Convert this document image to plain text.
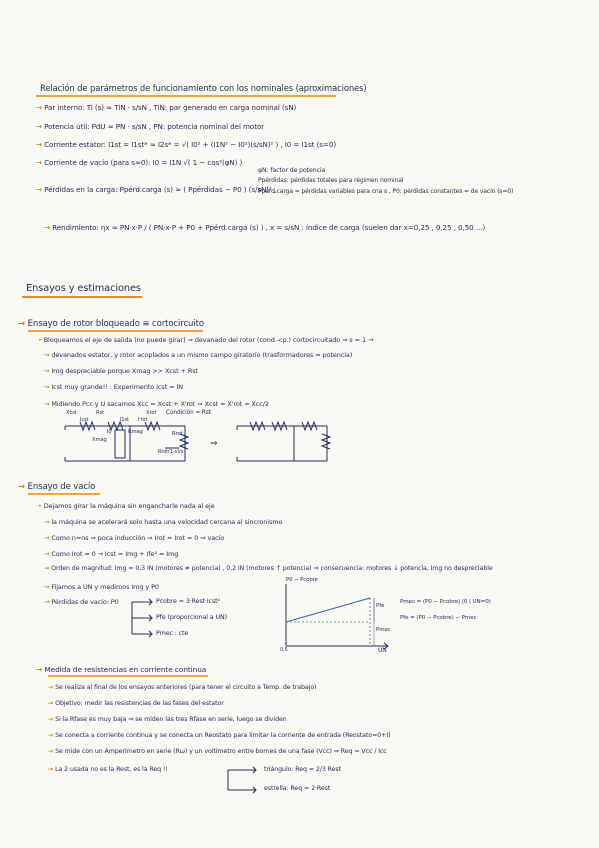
Relación de parámetros de funcionamiento con los nominales (aproximaciones)
→ Par interno: Ti (s) ≈ TiN · s/sN , TiN: par generado en carga nominal (sN)
→ Potencia útil: PdU ≈ PN · s/sN , PN: potencia nominal del motor
→ Corriente estator: I1st = I1st* ≈ I2s* = √( I0² + (I1N² − I0²)(s/sN)² ) , I0 = I1st (s=0)
→ Corriente de vacío (para s≈0): I0 = I1N √( 1 − cos²(φN) )
φN: factor de potencia
→ Pérdidas en la carga: Ppérd.carga (s) ≈ ( Ppérdidas − P0 ) (s/sN)² ,
Ppérdidas: pérdidas totales para régimen nominal
Ppérd.carga = pérdidas variables para cna s , P0: pérdidas constantes = de vacío (s=0)
→ Rendimiento: ηx ≈ PN·x·P / ( PN·x·P + P0 + Ppérd.carga (s) ) , x = s/sN : índice de carga (suelen dar x=0,25 , 0,25 , 0,50 ...)
Ensayos y estimaciones
→ Ensayo de rotor bloqueado ≡ cortocircuito
• Bloqueamos el eje de salida (no puede girar) ⇒ devanado del rotor (cond.-cp.) cortocircuitado ⇒ s = 1 →
→ devanados estator, y rotor acoplados a un mismo campo giratorio (trasformadores ≈ potencia)
→ Img despreciable porque Xmag >> Xcst + Rst
→ Icst muy grande!! : Experimento Icst = IN
→ Midiendo Pcc y U sacamos Xcc = Xcst + X'rot ⇒ Xcst ≈ X'rot ≈ Xcc/2
Condición = Rst
Xcst	Rst
I1st
Xrot
Rrot
Xmag
Rmag
Rrot(1-s)/s
Icst	I'rot
I0
⇒
→ Ensayo de vacío
• Dejamos girar la máquina sin engancharle nada al eje
→ la máquina se acelerará solo hasta una velocidad cercana al sincronismo
→ Como n≈ns ⇒ poca inducción ⇒ Irot = Irot ≈ 0 ⇒ vacío
→ Como Irot ≈ 0 → Icst = Img + Ife² ≈ Img
→ Orden de magnitud: Img ≈ 0,3 IN (motores ≠ potencia) , 0,2 IN (motores ↑ potencia) ⇒ consecuencia: motores ↓ potencia, Img no despreciable
→ Fijamos a UN y medimos Img y P0
→ Pérdidas de vacío: P0	Pcobre = 3·Rest·Icst²
Pfe (proporcional a UN)
Pmec : cte
P0 − Pcobre
UN
0,5
Pfe
Pmec
Pmec = (P0 − Pcobre) (0 | UN=0)
Pfe = (P0 − Pcobre) − Pmec
→ Medida de resistencias en corriente continua
→ Se realiza al final de los ensayos anteriores (para tener el circuito a Temp. de trabajo)
→ Objetivo: medir las resistencias de las fases del estator
→ Si la Rfase es muy baja ⇒ se miden las tres Rfase en serie, luego se dividen
→ Se conecta a corriente continua y se conecta un Reostato para limitar la corriente de entrada (Reostato=0+I)
→ Se mide con un Amperímetro en serie (Rω) y un voltímetro entre bornes de una fase (Vcc) ⇒ Req = Vcc / Icc
→ La 2 usada no es la Rest, es la Req !!	triángulo: Req = 2/3 Rest
estrella: Req = 2·Rest
